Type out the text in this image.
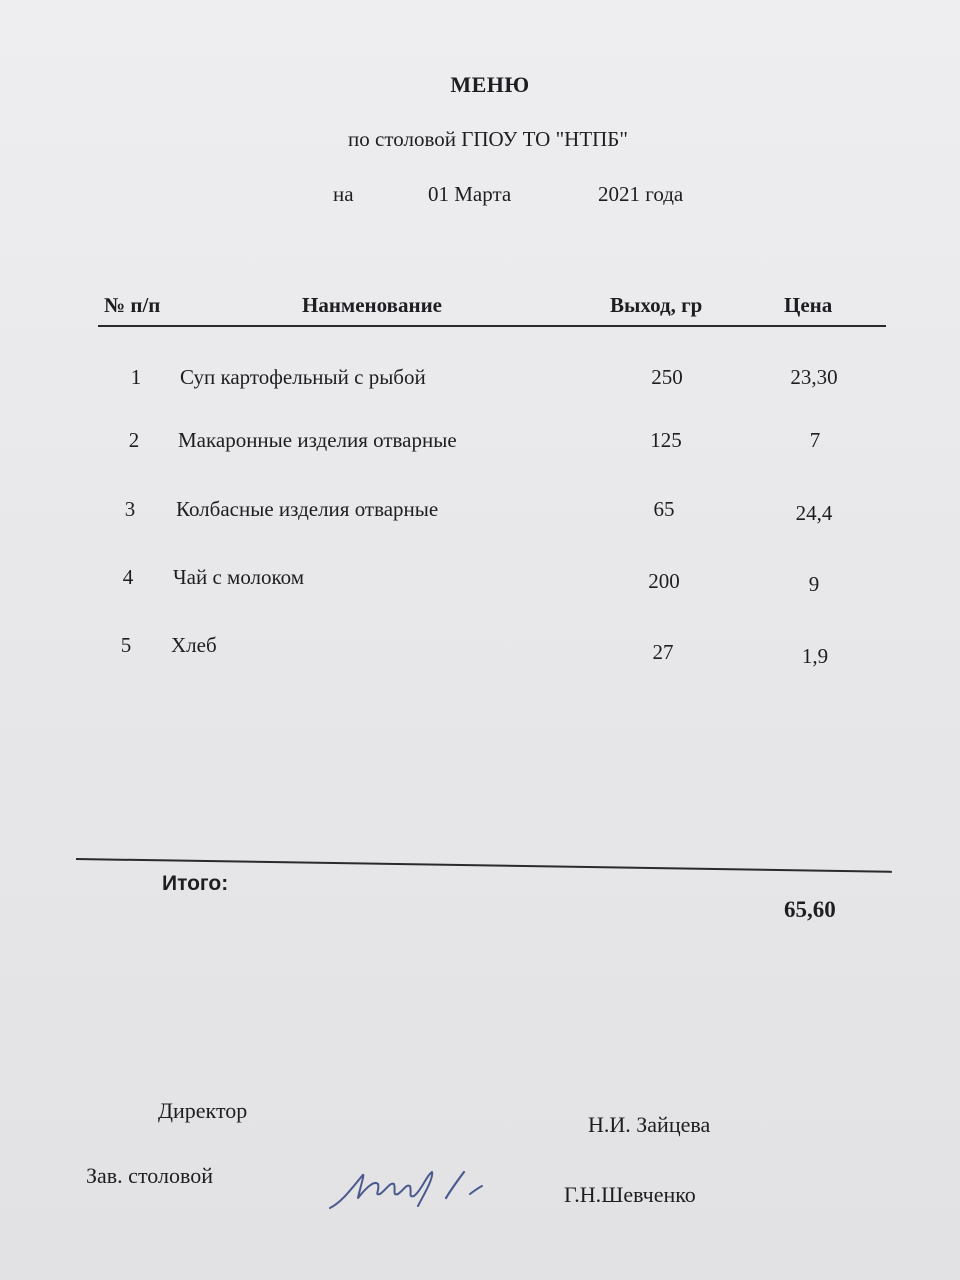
МЕНЮ
по столовой ГПОУ ТО "НТПБ"
на	01 Марта	2021 года
№ п/п	Нанменование	Выход, гр	Цена
1	Суп картофельный с рыбой	250	23,30
2	Макаронные изделия отварные	125	7
3	Колбасные изделия отварные	65	24,4
4	Чай с молоком	200	9
5	Хлеб	27	1,9
Итого:
65,60
Директор
Н.И. Зайцева
Зав. столовой
Г.Н.Шевченко
